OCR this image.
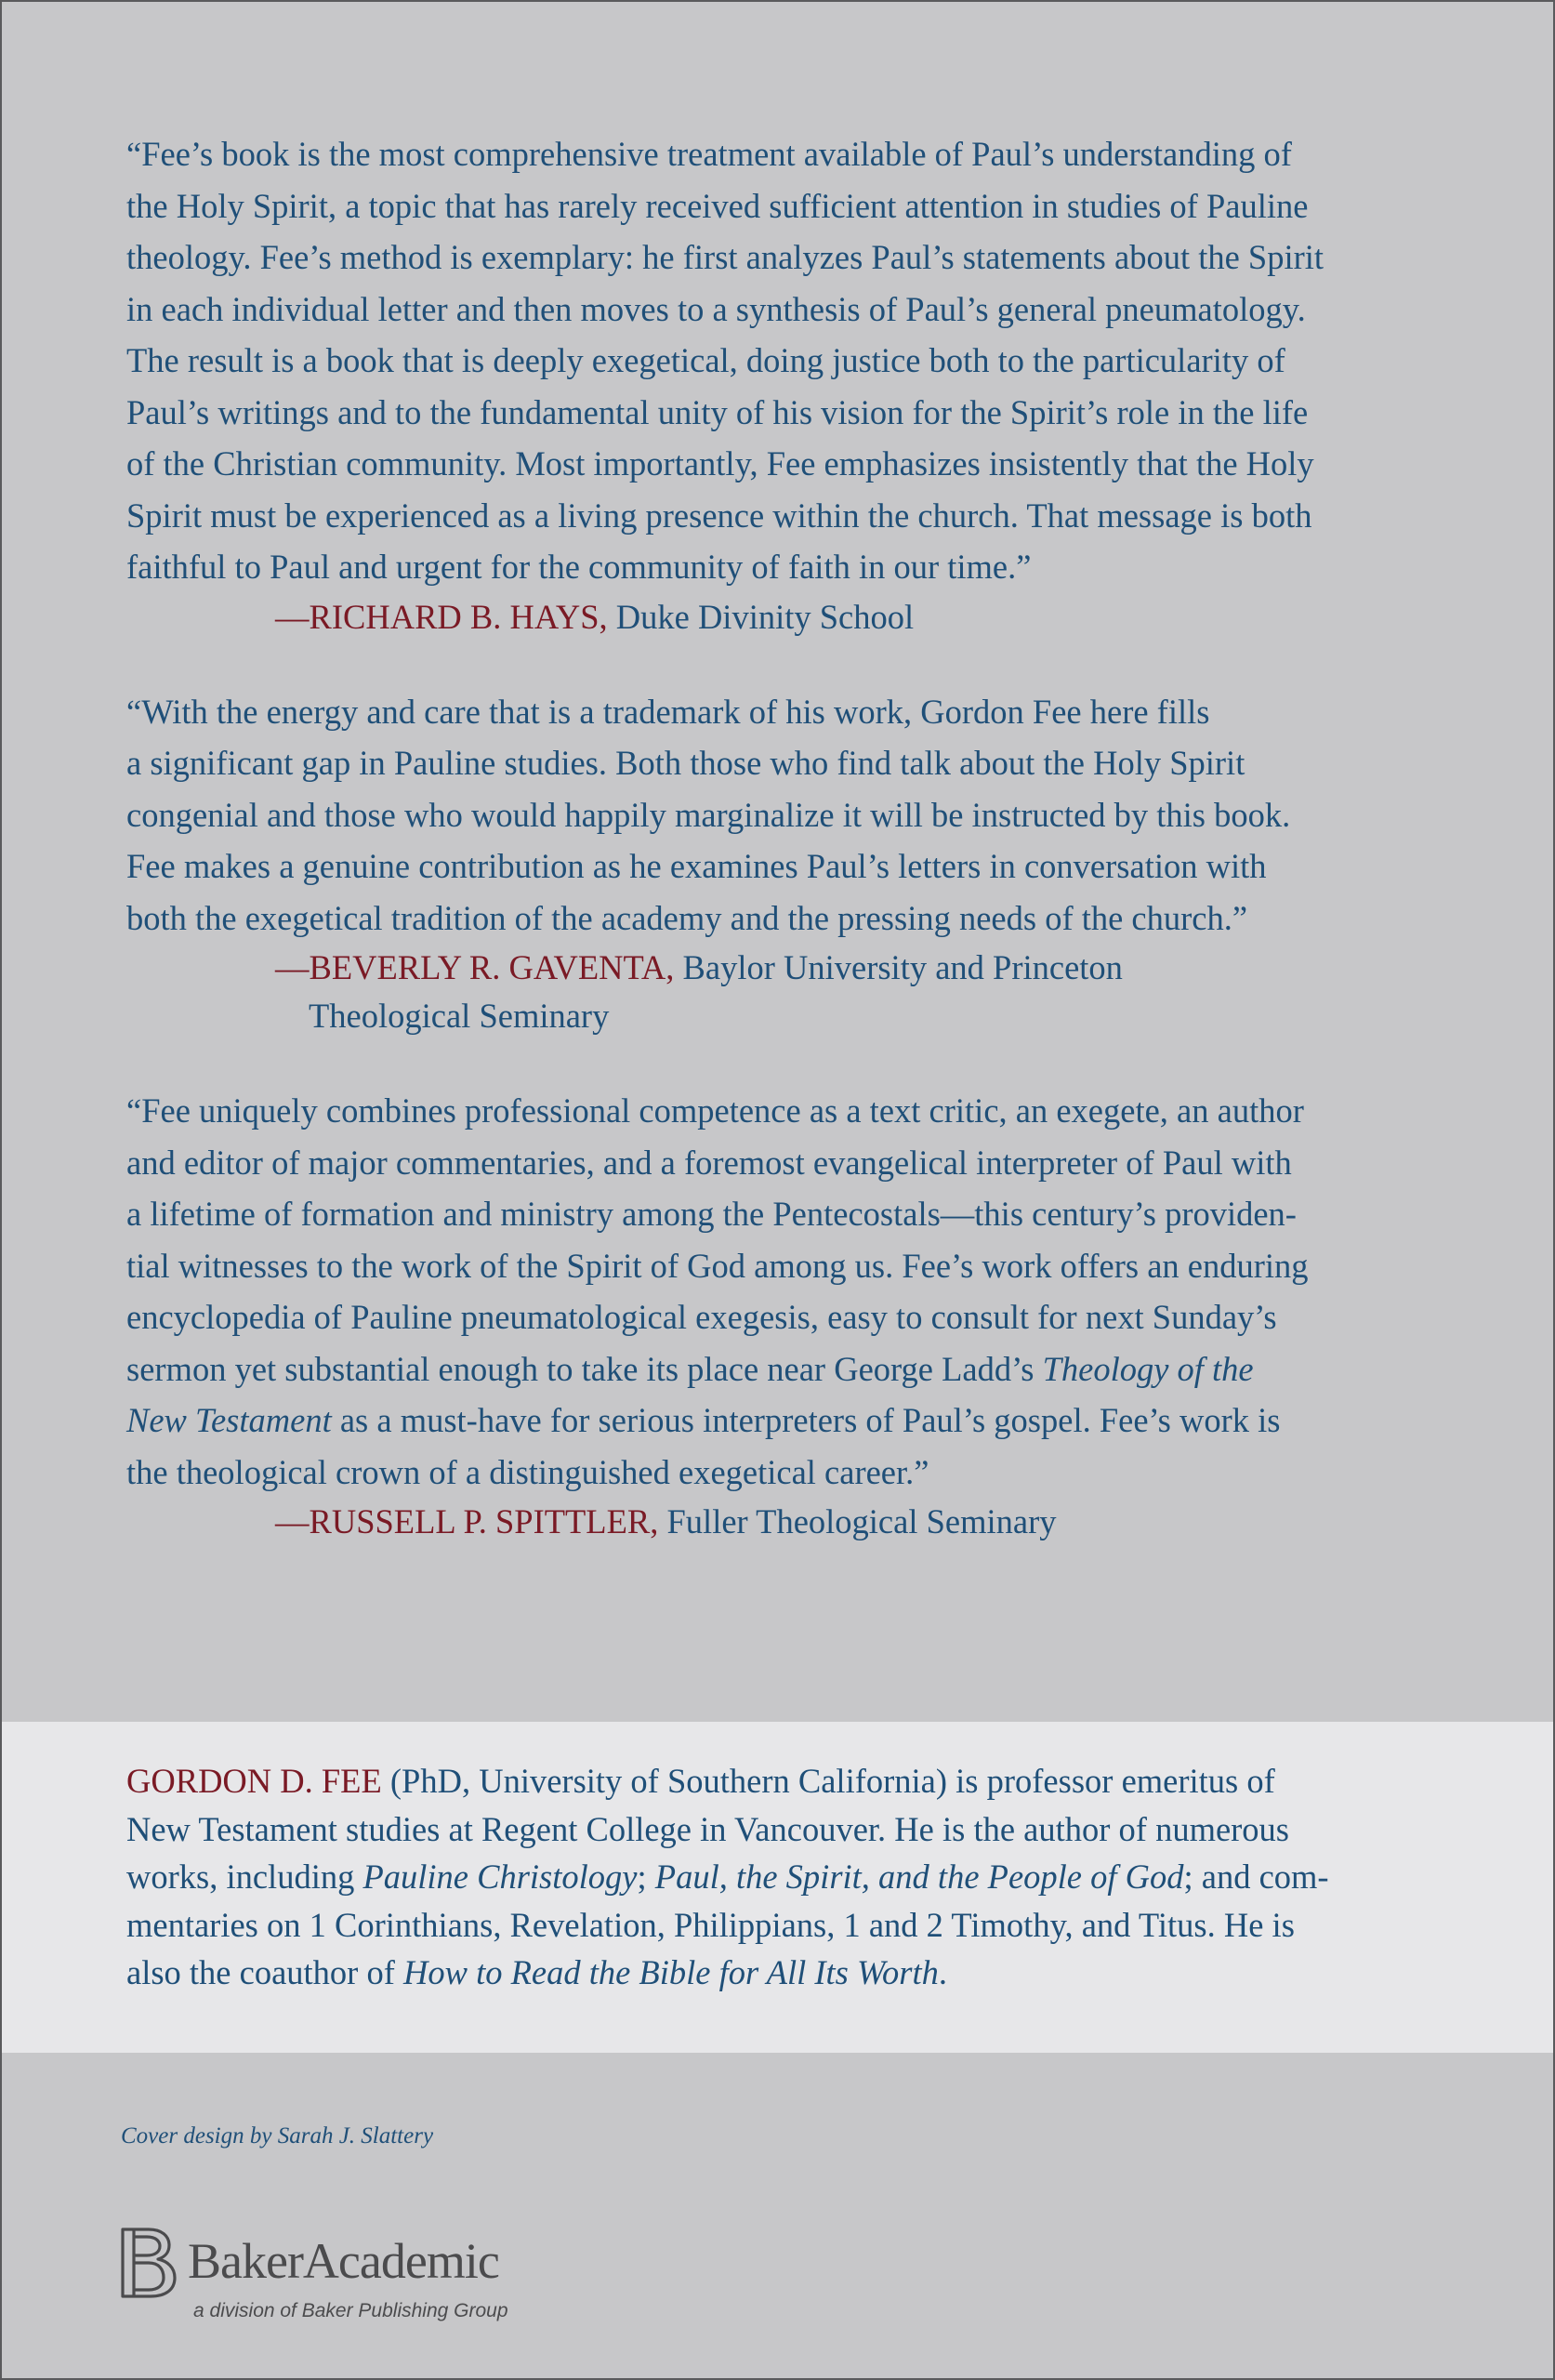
“Fee’s book is the most comprehensive treatment available of Paul’s understanding of
the Holy Spirit, a topic that has rarely received sufficient attention in studies of Pauline
theology. Fee’s method is exemplary: he first analyzes Paul’s statements about the Spirit
in each individual letter and then moves to a synthesis of Paul’s general pneumatology.
The result is a book that is deeply exegetical, doing justice both to the particularity of
Paul’s writings and to the fundamental unity of his vision for the Spirit’s role in the life
of the Christian community. Most importantly, Fee emphasizes insistently that the Holy
Spirit must be experienced as a living presence within the church. That message is both
faithful to Paul and urgent for the community of faith in our time.”

—RICHARD B. HAYS, Duke Divinity School

“With the energy and care that is a trademark of his work, Gordon Fee here fills
a significant gap in Pauline studies. Both those who find talk about the Holy Spirit
congenial and those who would happily marginalize it will be instructed by this book.
Fee makes a genuine contribution as he examines Paul’s letters in conversation with
both the exegetical tradition of the academy and the pressing needs of the church.”

—BEVERLY R. GAVENTA, Baylor University and Princeton
Theological Seminary

“Fee uniquely combines professional competence as a text critic, an exegete, an author
and editor of major commentaries, and a foremost evangelical interpreter of Paul with
a lifetime of formation and ministry among the Pentecostals—this century’s providen-
tial witnesses to the work of the Spirit of God among us. Fee’s work offers an enduring
encyclopedia of Pauline pneumatological exegesis, easy to consult for next Sunday’s
sermon yet substantial enough to take its place near George Ladd’s Theology of the
New Testament as a must-have for serious interpreters of Paul’s gospel. Fee’s work is
the theological crown of a distinguished exegetical career.”

—RUSSELL P. SPITTLER, Fuller Theological Seminary
GORDON D. FEE (PhD, University of Southern California) is professor emeritus of
New Testament studies at Regent College in Vancouver. He is the author of numerous
works, including Pauline Christology; Paul, the Spirit, and the People of God; and com-
mentaries on 1 Corinthians, Revelation, Philippians, 1 and 2 Timothy, and Titus. He is
also the coauthor of How to Read the Bible for All Its Worth.
Cover design by Sarah J. Slattery
BakerAcademic
a division of Baker Publishing Group
